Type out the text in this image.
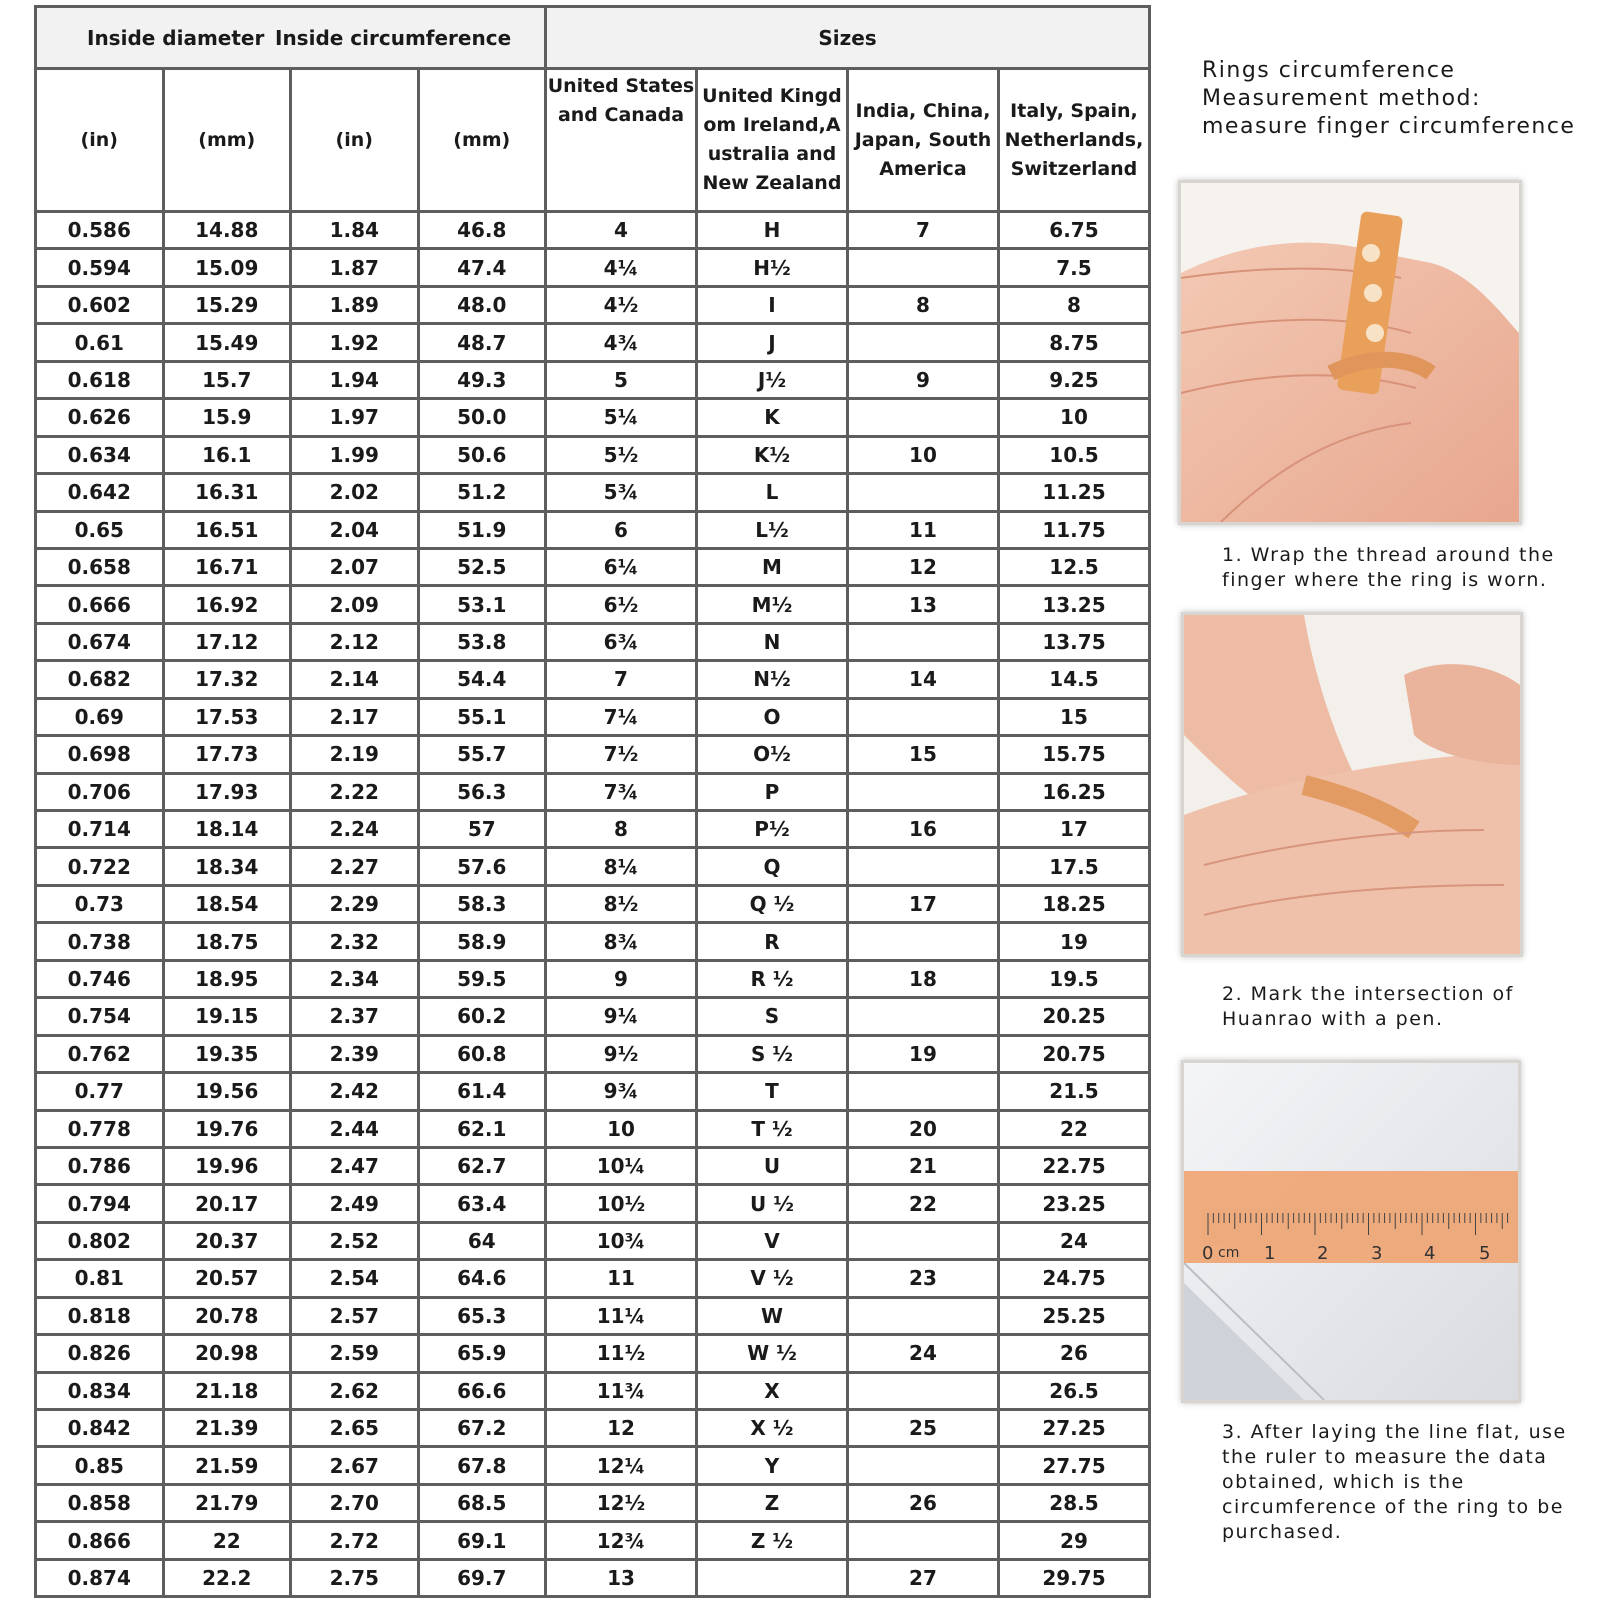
Inside diameter Inside circumference				Sizes			
(in)	(mm)	(in)	(mm)	United States and Canada	United Kingdom Ireland,Australia and New Zealand	India, China, Japan, South America	Italy, Spain, Netherlands, Switzerland
0.586	14.88	1.84	46.8	4	H	7	6.75
0.594	15.09	1.87	47.4	4¼	H½		7.5
0.602	15.29	1.89	48.0	4½	I	8	8
0.61	15.49	1.92	48.7	4¾	J		8.75
0.618	15.7	1.94	49.3	5	J½	9	9.25
0.626	15.9	1.97	50.0	5¼	K		10
0.634	16.1	1.99	50.6	5½	K½	10	10.5
0.642	16.31	2.02	51.2	5¾	L		11.25
0.65	16.51	2.04	51.9	6	L½	11	11.75
0.658	16.71	2.07	52.5	6¼	M	12	12.5
0.666	16.92	2.09	53.1	6½	M½	13	13.25
0.674	17.12	2.12	53.8	6¾	N		13.75
0.682	17.32	2.14	54.4	7	N½	14	14.5
0.69	17.53	2.17	55.1	7¼	O		15
0.698	17.73	2.19	55.7	7½	O½	15	15.75
0.706	17.93	2.22	56.3	7¾	P		16.25
0.714	18.14	2.24	57	8	P½	16	17
0.722	18.34	2.27	57.6	8¼	Q		17.5
0.73	18.54	2.29	58.3	8½	Q ½	17	18.25
0.738	18.75	2.32	58.9	8¾	R		19
0.746	18.95	2.34	59.5	9	R ½	18	19.5
0.754	19.15	2.37	60.2	9¼	S		20.25
0.762	19.35	2.39	60.8	9½	S ½	19	20.75
0.77	19.56	2.42	61.4	9¾	T		21.5
0.778	19.76	2.44	62.1	10	T ½	20	22
0.786	19.96	2.47	62.7	10¼	U	21	22.75
0.794	20.17	2.49	63.4	10½	U ½	22	23.25
0.802	20.37	2.52	64	10¾	V		24
0.81	20.57	2.54	64.6	11	V ½	23	24.75
0.818	20.78	2.57	65.3	11¼	W		25.25
0.826	20.98	2.59	65.9	11½	W ½	24	26
0.834	21.18	2.62	66.6	11¾	X		26.5
0.842	21.39	2.65	67.2	12	X ½	25	27.25
0.85	21.59	2.67	67.8	12¼	Y		27.75
0.858	21.79	2.70	68.5	12½	Z	26	28.5
0.866	22	2.72	69.1	12¾	Z ½		29
0.874	22.2	2.75	69.7	13		27	29.75
Rings circumference
Measurement method:
measure finger circumference
1. Wrap the thread around the finger where the ring is worn.
2. Mark the intersection of Huanrao with a pen.
0 cm 1 2 3 4 5
3. After laying the line flat, use the ruler to measure the data obtained, which is the circumference of the ring to be purchased.
